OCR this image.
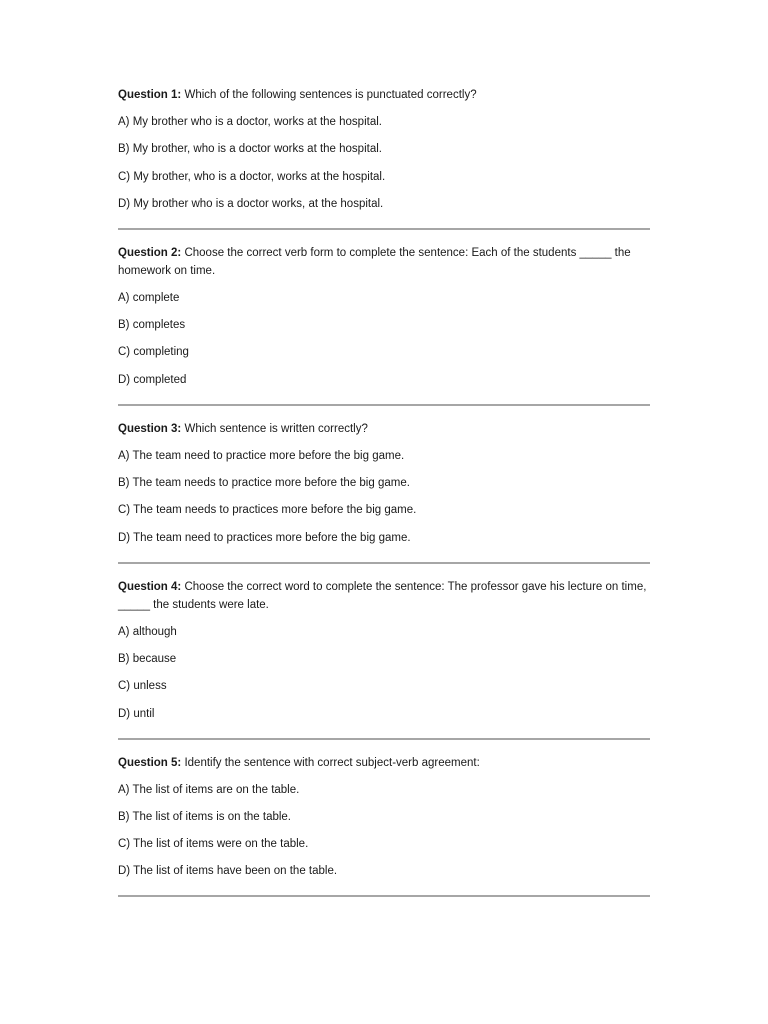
Question 1: Which of the following sentences is punctuated correctly?

A) My brother who is a doctor, works at the hospital.

B) My brother, who is a doctor works at the hospital.

C) My brother, who is a doctor, works at the hospital.

D) My brother who is a doctor works, at the hospital.

Question 2: Choose the correct verb form to complete the sentence: Each of the students _____ the homework on time.

A) complete

B) completes

C) completing

D) completed

Question 3: Which sentence is written correctly?

A) The team need to practice more before the big game.

B) The team needs to practice more before the big game.

C) The team needs to practices more before the big game.

D) The team need to practices more before the big game.

Question 4: Choose the correct word to complete the sentence: The professor gave his lecture on time, _____ the students were late.

A) although

B) because

C) unless

D) until

Question 5: Identify the sentence with correct subject-verb agreement:

A) The list of items are on the table.

B) The list of items is on the table.

C) The list of items were on the table.

D) The list of items have been on the table.
